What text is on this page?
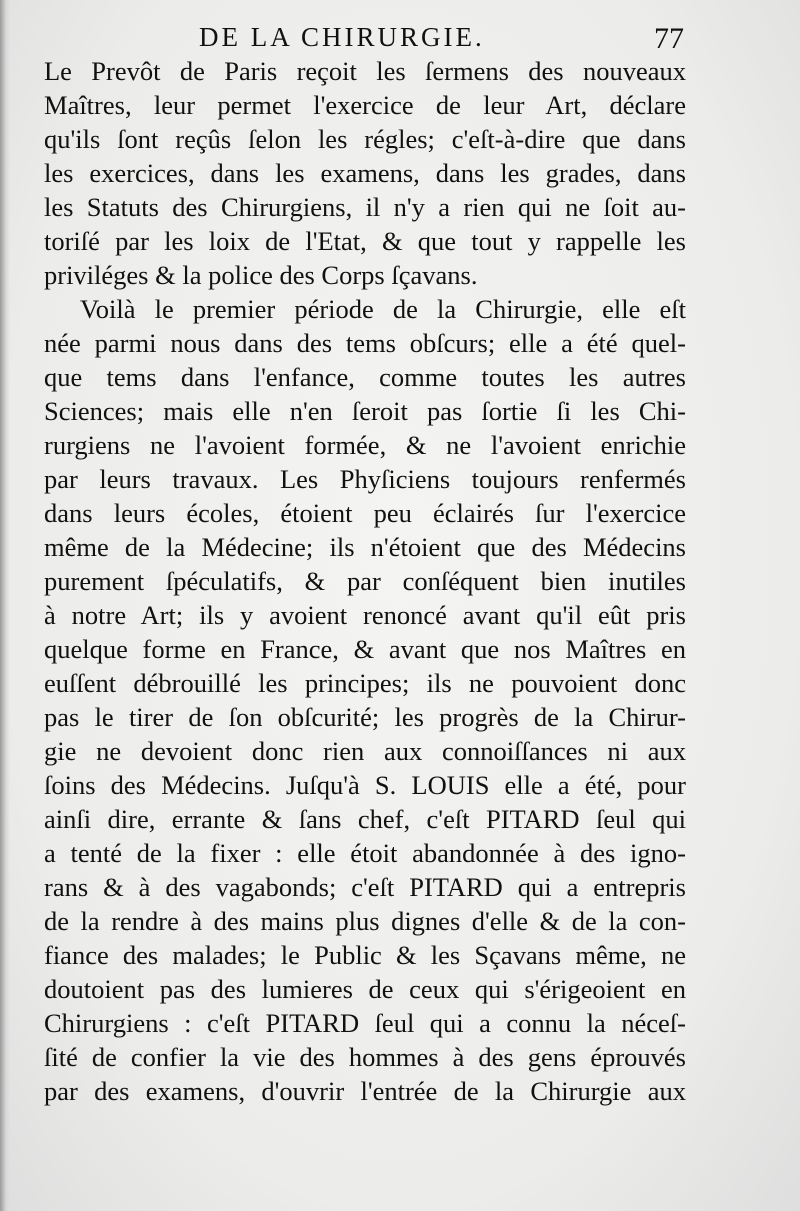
DE LA CHIRURGIE.	77
Le Prevôt de Paris reçoit les ſermens des nouveaux
Maîtres, leur permet l'exercice de leur Art, déclare
qu'ils ſont reçûs ſelon les régles; c'eſt-à-dire que dans
les exercices, dans les examens, dans les grades, dans
les Statuts des Chirurgiens, il n'y a rien qui ne ſoit au-
toriſé par les loix de l'Etat, & que tout y rappelle les
priviléges & la police des Corps ſçavans.
Voilà le premier période de la Chirurgie, elle eſt
née parmi nous dans des tems obſcurs; elle a été quel-
que tems dans l'enfance, comme toutes les autres
Sciences; mais elle n'en ſeroit pas ſortie ſi les Chi-
rurgiens ne l'avoient formée, & ne l'avoient enrichie
par leurs travaux. Les Phyſiciens toujours renfermés
dans leurs écoles, étoient peu éclairés ſur l'exercice
même de la Médecine; ils n'étoient que des Médecins
purement ſpéculatifs, & par conſéquent bien inutiles
à notre Art; ils y avoient renoncé avant qu'il eût pris
quelque forme en France, & avant que nos Maîtres en
euſſent débrouillé les principes; ils ne pouvoient donc
pas le tirer de ſon obſcurité; les progrès de la Chirur-
gie ne devoient donc rien aux connoiſſances ni aux
ſoins des Médecins. Juſqu'à S. LOUIS elle a été, pour
ainſi dire, errante & ſans chef, c'eſt PITARD ſeul qui
a tenté de la fixer : elle étoit abandonnée à des igno-
rans & à des vagabonds; c'eſt PITARD qui a entrepris
de la rendre à des mains plus dignes d'elle & de la con-
fiance des malades; le Public & les Sçavans même, ne
doutoient pas des lumieres de ceux qui s'érigeoient en
Chirurgiens : c'eſt PITARD ſeul qui a connu la néceſ-
ſité de confier la vie des hommes à des gens éprouvés
par des examens, d'ouvrir l'entrée de la Chirurgie aux
